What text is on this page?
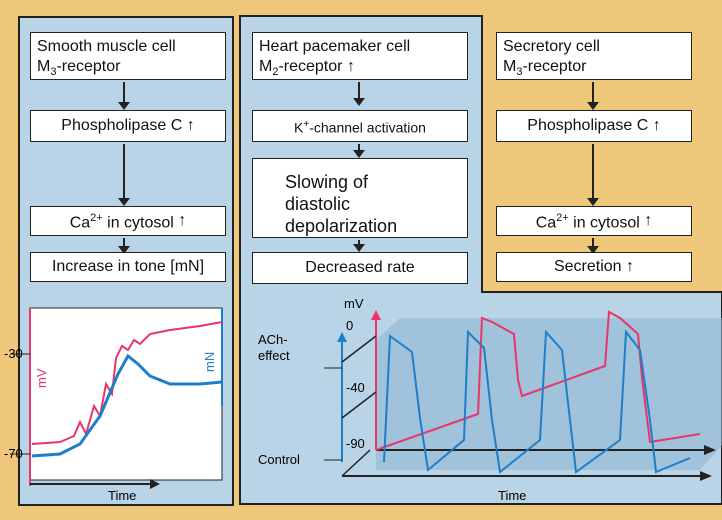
Smooth muscle cell
$M_3$-receptor
Phospholipase C
↑
$Ca^{2+}$ in cytosol
↑
Increase in tone [mN]
-30
-70
mV
mN
Time
Heart pacemaker cell
$M_2$-receptor ↑
K+-channel activation
Slowing of
diastolic
depolarization
Decreased rate
Secretory cell
$M_3$-receptor
Phospholipase C
↑
$Ca^{2+}$ in cytosol
↑
Secretion
↑
mV
0
-40
-90
ACh-
effect
Control
Time
